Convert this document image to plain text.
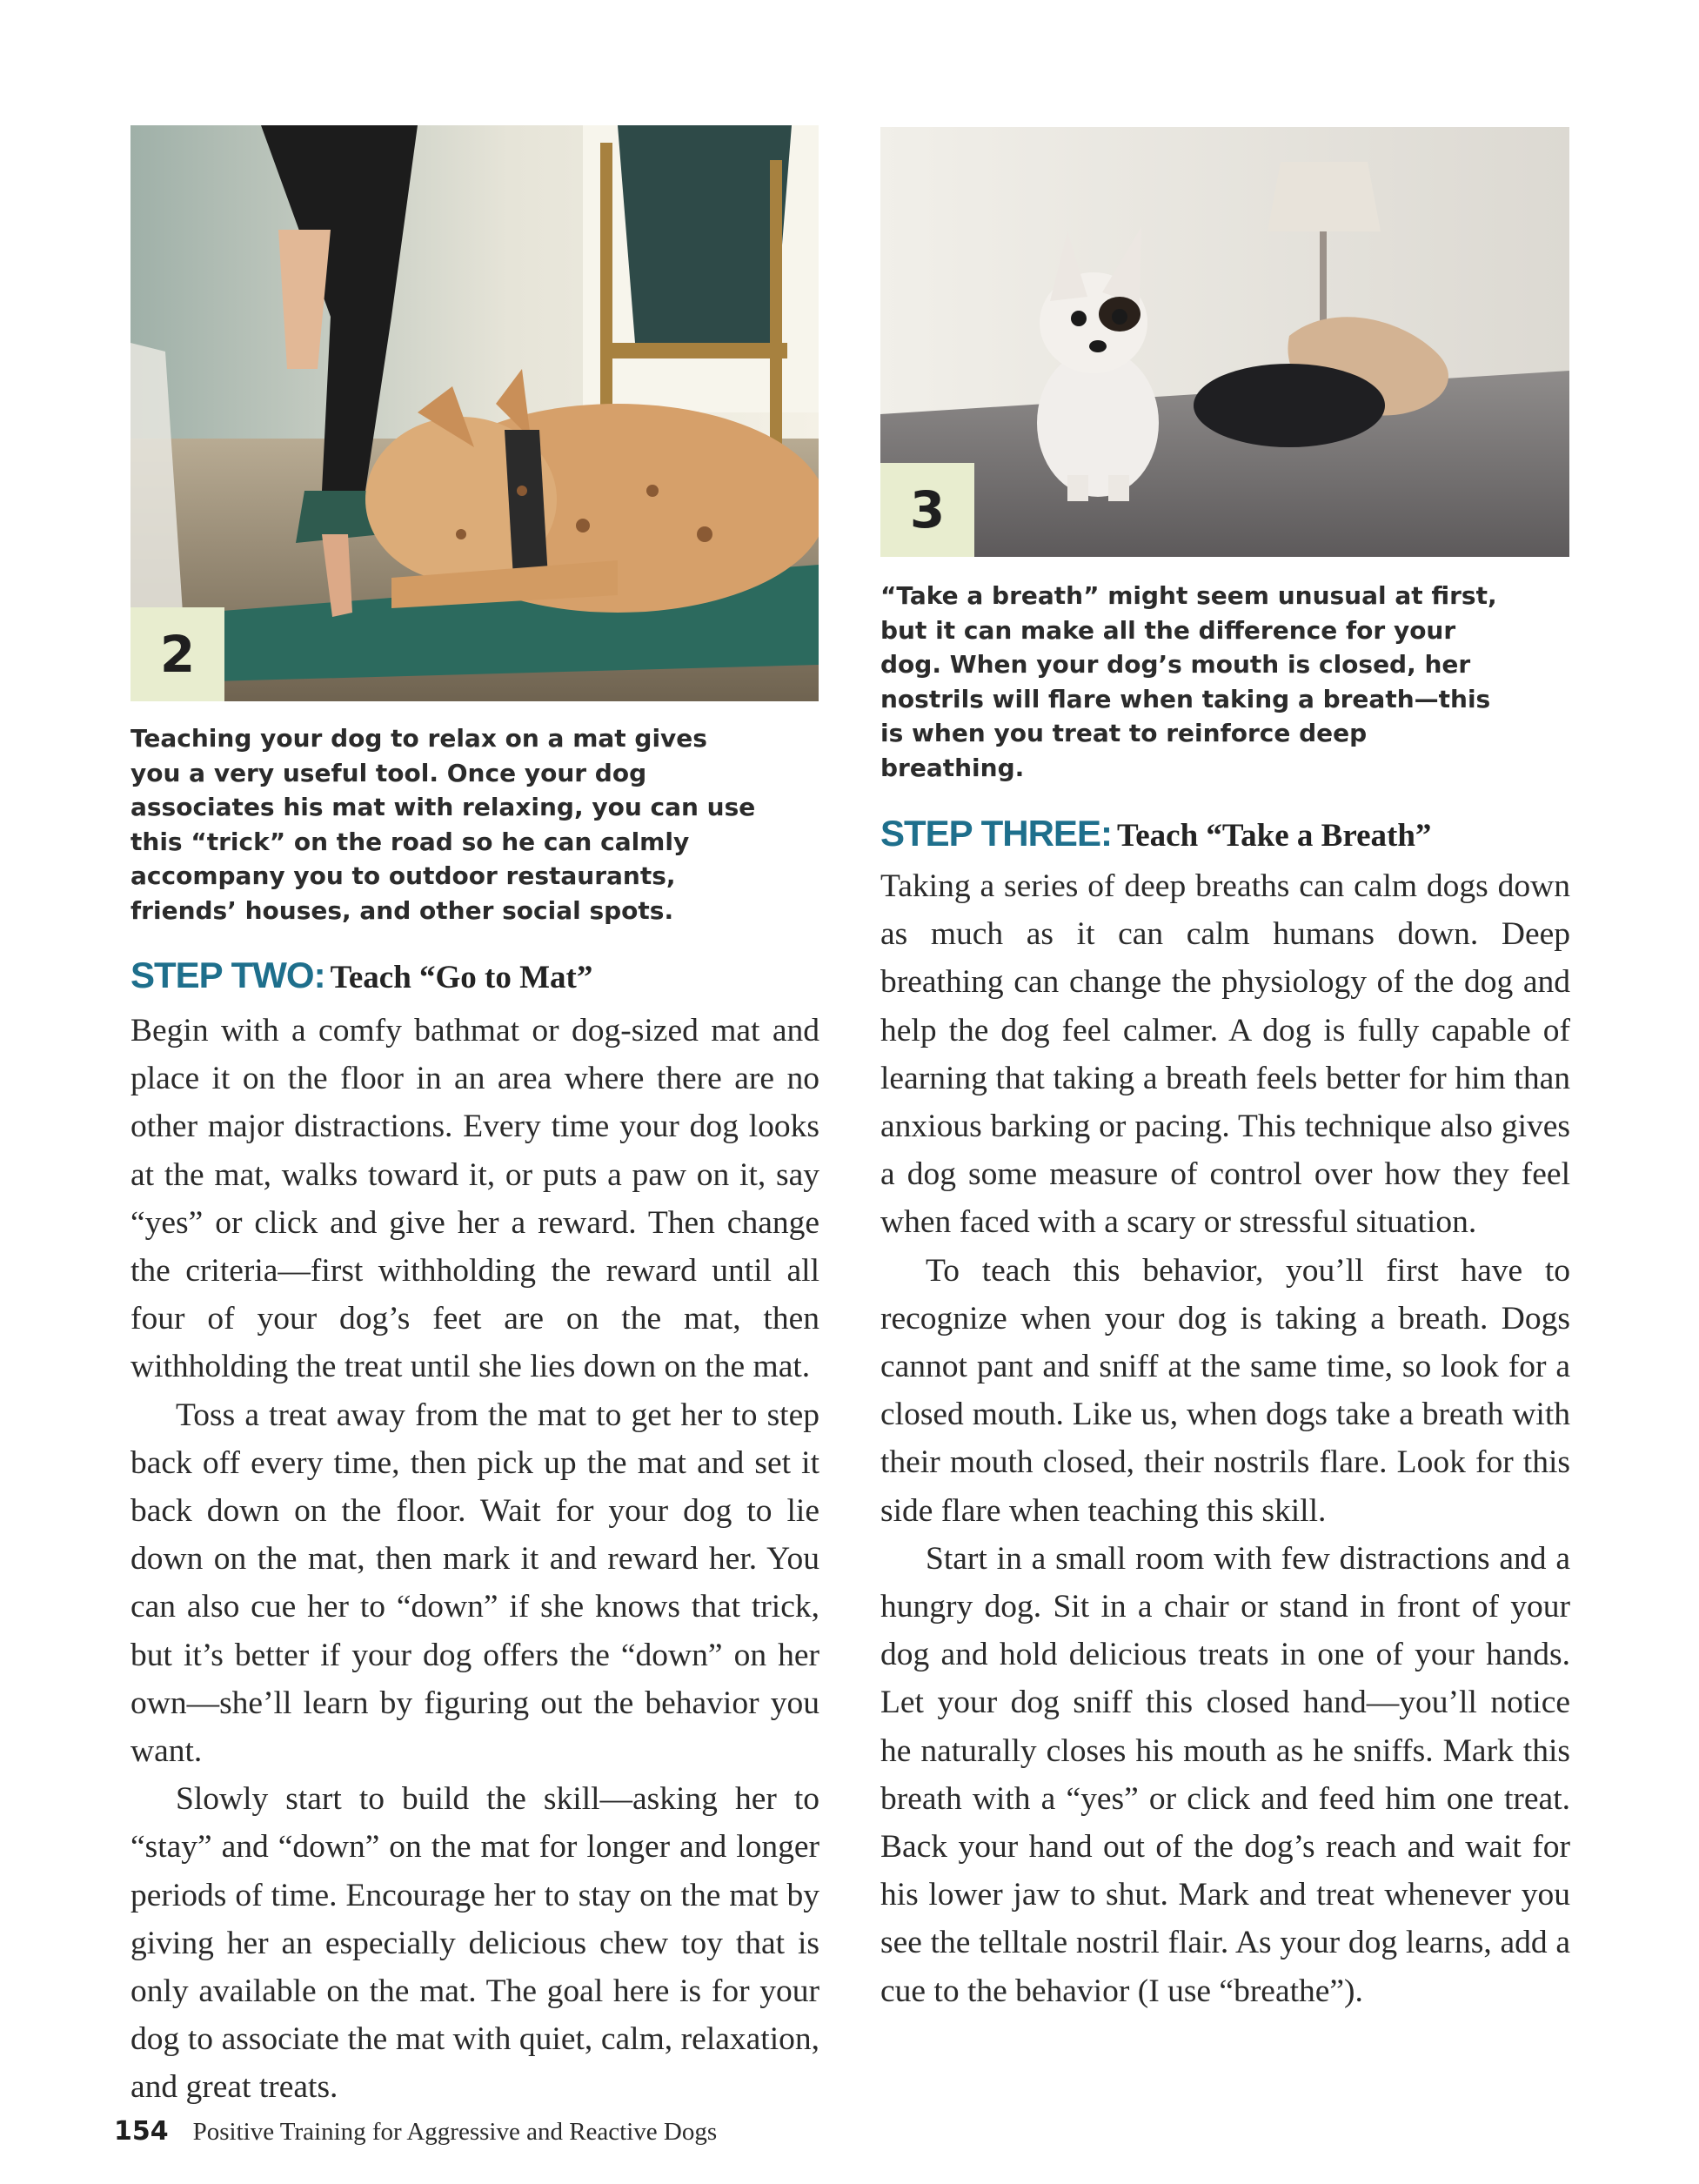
2

Teaching your dog to relax on a mat gives you a very useful tool. Once your dog associates his mat with relaxing, you can use this “trick” on the road so he can calmly accompany you to outdoor restaurants, friends’ houses, and other social spots.

STEP TWO: Teach “Go to Mat”

Begin with a comfy bathmat or dog-sized mat and place it on the floor in an area where there are no other major distractions. Every time your dog looks at the mat, walks toward it, or puts a paw on it, say “yes” or click and give her a reward. Then change the criteria—first withholding the reward until all four of your dog’s feet are on the mat, then withholding the treat until she lies down on the mat.

Toss a treat away from the mat to get her to step back off every time, then pick up the mat and set it back down on the floor. Wait for your dog to lie down on the mat, then mark it and reward her. You can also cue her to “down” if she knows that trick, but it’s better if your dog offers the “down” on her own—she’ll learn by figuring out the behavior you want.

Slowly start to build the skill—asking her to “stay” and “down” on the mat for longer and longer periods of time. Encourage her to stay on the mat by giving her an especially delicious chew toy that is only available on the mat. The goal here is for your dog to associate the mat with quiet, calm, relaxation, and great treats.

3

“Take a breath” might seem unusual at first, but it can make all the difference for your dog. When your dog’s mouth is closed, her nostrils will flare when taking a breath—this is when you treat to reinforce deep breathing.

STEP THREE: Teach “Take a Breath”

Taking a series of deep breaths can calm dogs down as much as it can calm humans down. Deep breathing can change the physiology of the dog and help the dog feel calmer. A dog is fully capable of learning that taking a breath feels better for him than anxious barking or pacing. This technique also gives a dog some measure of control over how they feel when faced with a scary or stressful situation.

To teach this behavior, you’ll first have to recognize when your dog is taking a breath. Dogs cannot pant and sniff at the same time, so look for a closed mouth. Like us, when dogs take a breath with their mouth closed, their nostrils flare. Look for this side flare when teaching this skill.

Start in a small room with few distractions and a hungry dog. Sit in a chair or stand in front of your dog and hold delicious treats in one of your hands. Let your dog sniff this closed hand—you’ll notice he naturally closes his mouth as he sniffs. Mark this breath with a “yes” or click and feed him one treat. Back your hand out of the dog’s reach and wait for his lower jaw to shut. Mark and treat whenever you see the telltale nostril flair. As your dog learns, add a cue to the behavior (I use “breathe”).

154 Positive Training for Aggressive and Reactive Dogs
